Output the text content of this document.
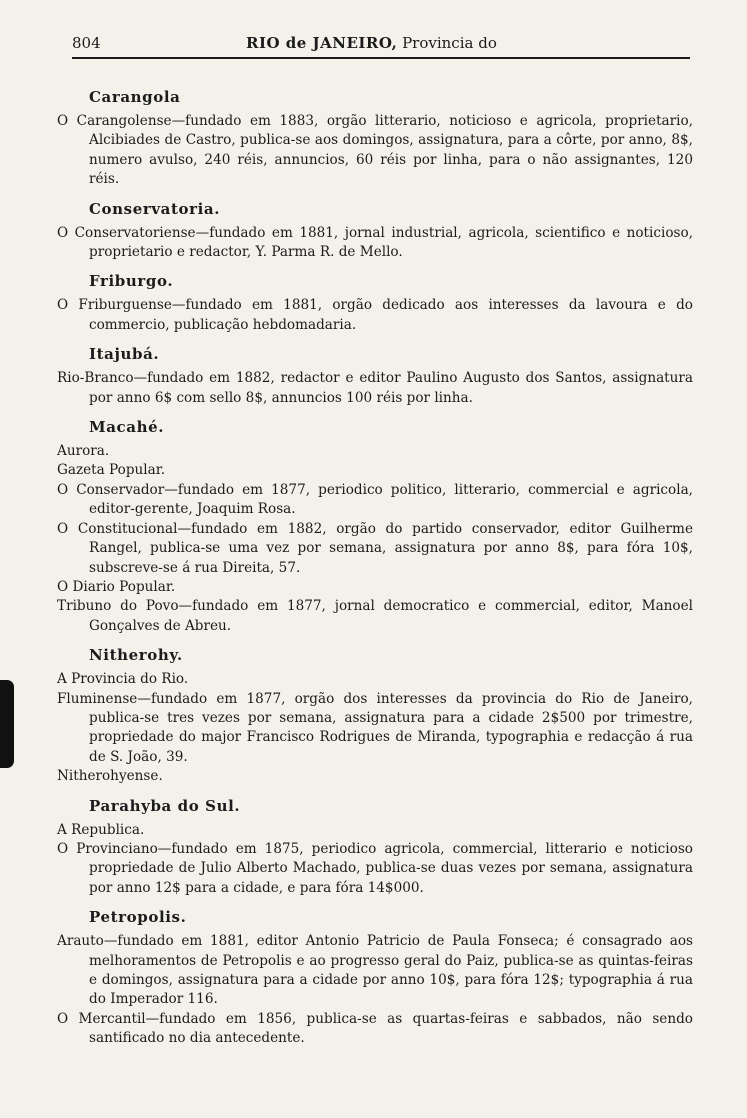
804	RIO de JANEIRO, Provincia do
Carangola

O Carangolense—fundado em 1883, orgão litterario, noticioso e agricola, proprietario, Alcibiades de Castro, publica-se aos domingos, assignatura, para a côrte, por anno, 8$, numero avulso, 240 réis, annuncios, 60 réis por linha, para o não assignantes, 120 réis.

Conservatoria.

O Conservatoriense—fundado em 1881, jornal industrial, agricola, scientifico e noticioso, proprietario e redactor, Y. Parma R. de Mello.

Friburgo.

O Friburguense—fundado em 1881, orgão dedicado aos interesses da lavoura e do commercio, publicação hebdomadaria.

Itajubá.

Rio-Branco—fundado em 1882, redactor e editor Paulino Augusto dos Santos, assignatura por anno 6$ com sello 8$, annuncios 100 réis por linha.

Macahé.

Aurora.

Gazeta Popular.

O Conservador—fundado em 1877, periodico politico, litterario, commercial e agricola, editor-gerente, Joaquim Rosa.

O Constitucional—fundado em 1882, orgão do partido conservador, editor Guilherme Rangel, publica-se uma vez por semana, assignatura por anno 8$, para fóra 10$, subscreve-se á rua Direita, 57.

O Diario Popular.

Tribuno do Povo—fundado em 1877, jornal democratico e commercial, editor, Manoel Gonçalves de Abreu.

Nitherohy.

A Provincia do Rio.

Fluminense—fundado em 1877, orgão dos interesses da provincia do Rio de Janeiro, publica-se tres vezes por semana, assignatura para a cidade 2$500 por trimestre, propriedade do major Francisco Rodrigues de Miranda, typographia e redacção á rua de S. João, 39.

Nitherohyense.

Parahyba do Sul.

A Republica.

O Provinciano—fundado em 1875, periodico agricola, commercial, litterario e noticioso propriedade de Julio Alberto Machado, publica-se duas vezes por semana, assignatura por anno 12$ para a cidade, e para fóra 14$000.

Petropolis.

Arauto—fundado em 1881, editor Antonio Patricio de Paula Fonseca; é consagrado aos melhoramentos de Petropolis e ao progresso geral do Paiz, publica-se as quintas-feiras e domingos, assignatura para a cidade por anno 10$, para fóra 12$; typographia á rua do Imperador 116.

O Mercantil—fundado em 1856, publica-se as quartas-feiras e sabbados, não sendo santificado no dia antecedente.
